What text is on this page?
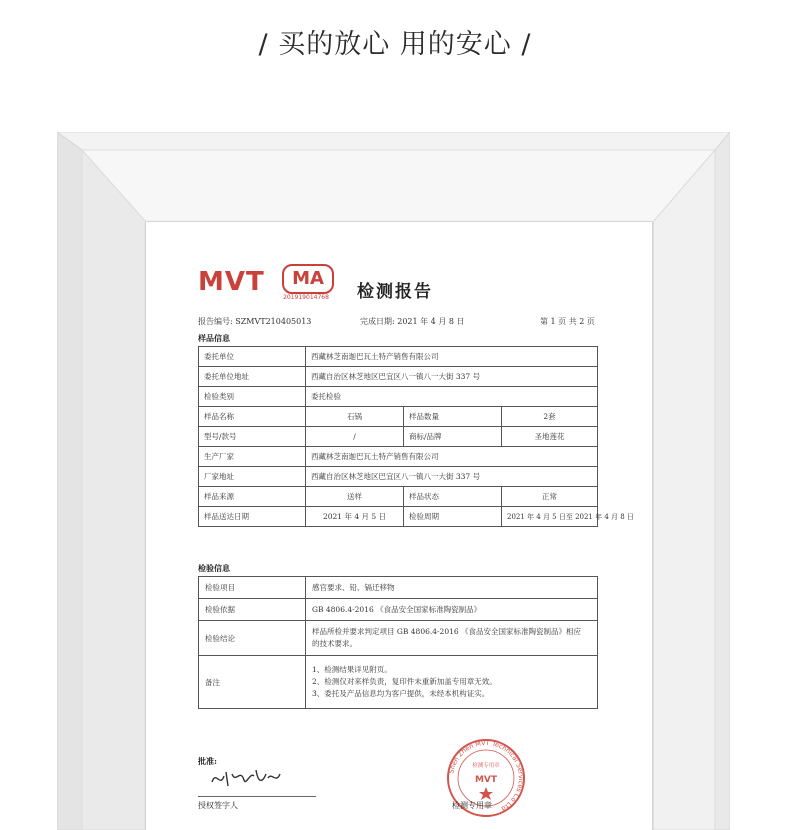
/ 买的放心 用的安心 /
MVT	MA
201919014768	检测报告
报告编号: SZMVT210405013	完成日期: 2021 年 4 月 8 日	第 1 页 共 2 页
样品信息
委托单位	西藏林芝南迦巴瓦土特产销售有限公司		
委托单位地址	西藏自治区林芝地区巴宜区八一镇八一大街 337 号		
检验类别	委托检验		
样品名称	石锅	样品数量	2套
型号/款号	/	商标/品牌	圣地莲花
生产厂家	西藏林芝南迦巴瓦土特产销售有限公司		
厂家地址	西藏自治区林芝地区巴宜区八一镇八一大街 337 号		
样品来源	送样	样品状态	正常
样品送达日期	2021 年 4 月 5 日	检验周期	2021 年 4 月 5 日至 2021 年 4 月 8 日
检验信息
检验项目	感官要求、铅、镉迁移物
检验依据	GB 4806.4-2016 《食品安全国家标准陶瓷制品》
检验结论	样品所检并要求判定项目 GB 4806.4-2016 《食品安全国家标准陶瓷制品》相应
的技术要求。

备注	1、检测结果详见附页。
2、检测仅对来样负责，复印件未重新加盖专用章无效。
3、委托及产品信息均为客户提供，未经本机构证实。
批准:
授权签字人
Shen Zhen MVT Technical Services Co Ltd
检测专用章
MVT
检测专用章
